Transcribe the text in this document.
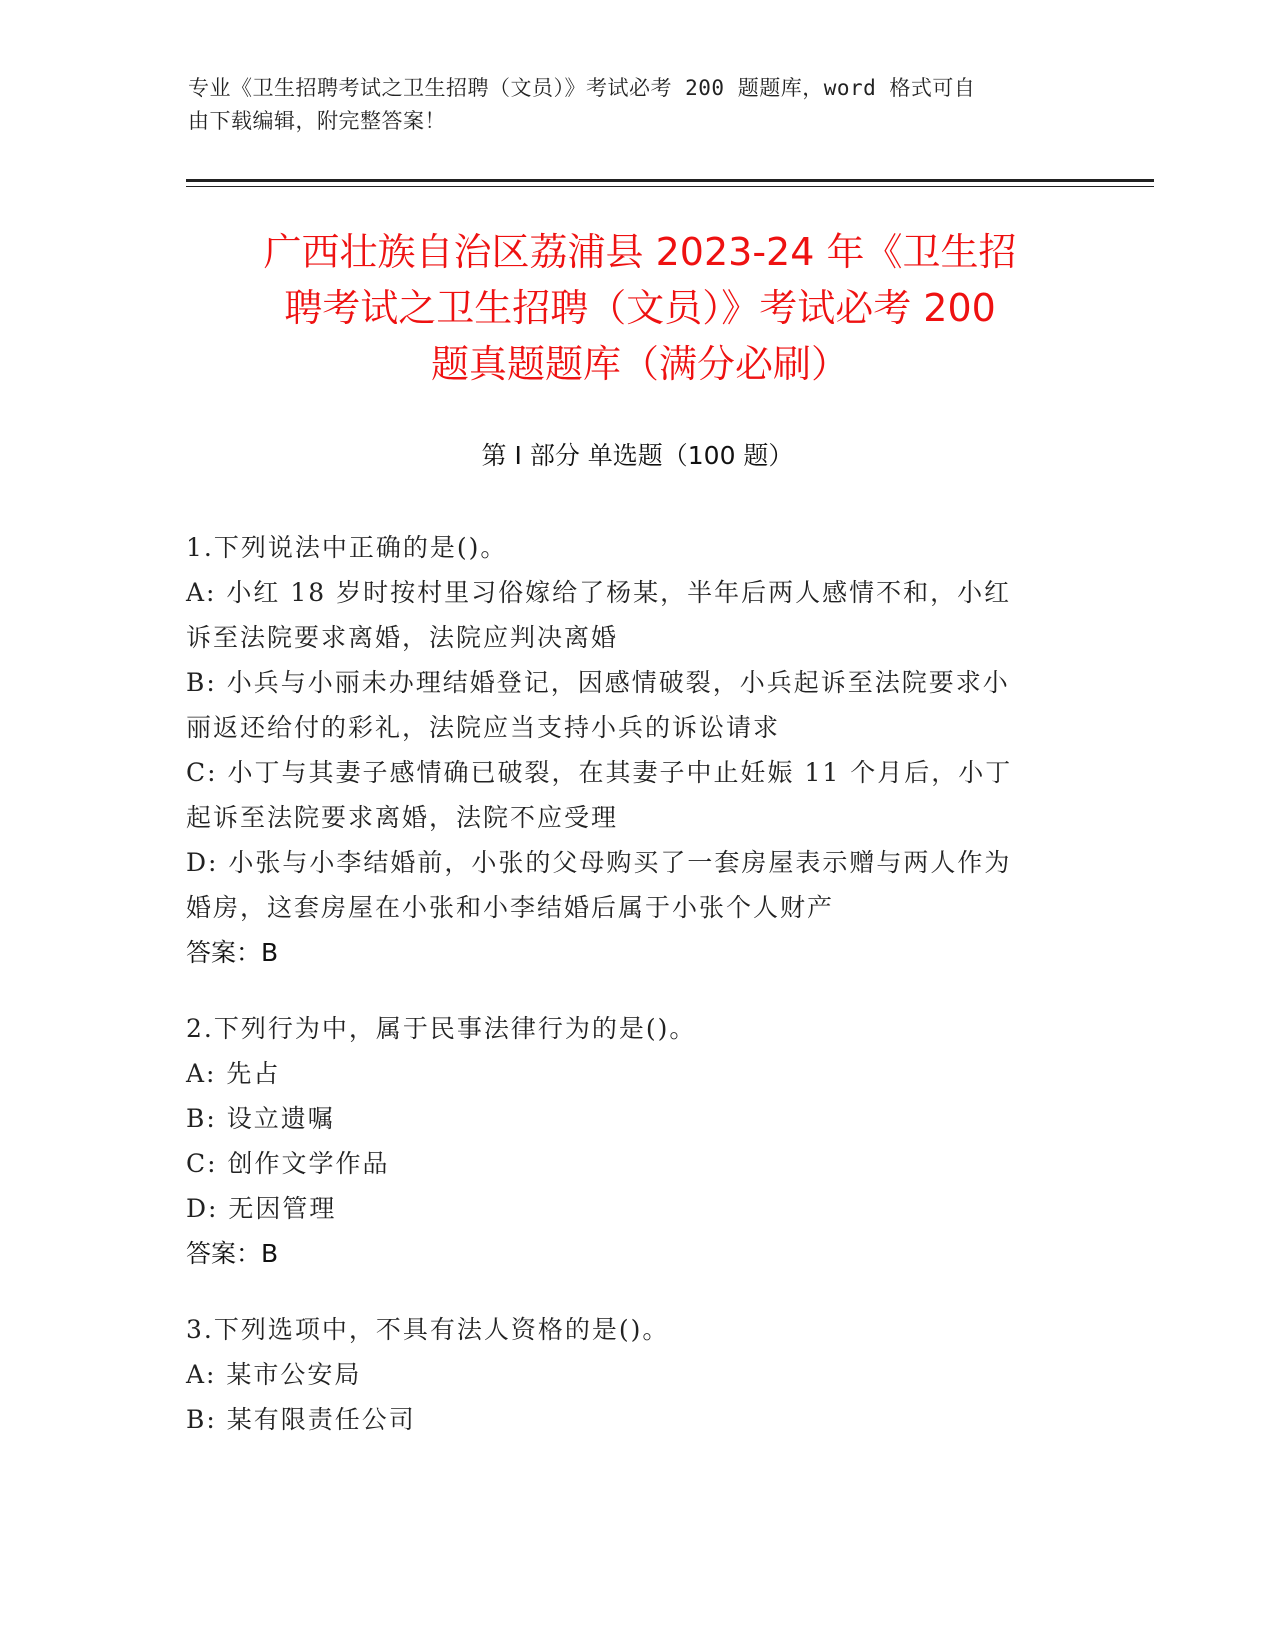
专业《卫生招聘考试之卫生招聘（文员）》考试必考 200 题题库，word 格式可自
由下载编辑，附完整答案！
广西壮族自治区荔浦县 2023-24 年《卫生招
聘考试之卫生招聘（文员）》考试必考 200
题真题题库（满分必刷）
第 I 部分 单选题（100 题）

1.下列说法中正确的是()。

A: 小红 18 岁时按村里习俗嫁给了杨某，半年后两人感情不和，小红
诉至法院要求离婚，法院应判决离婚
B: 小兵与小丽未办理结婚登记，因感情破裂，小兵起诉至法院要求小
丽返还给付的彩礼，法院应当支持小兵的诉讼请求
C: 小丁与其妻子感情确已破裂，在其妻子中止妊娠 11 个月后，小丁
起诉至法院要求离婚，法院不应受理
D: 小张与小李结婚前，小张的父母购买了一套房屋表示赠与两人作为
婚房，这套房屋在小张和小李结婚后属于小张个人财产
答案：B

2.下列行为中，属于民事法律行为的是()。

A: 先占
B: 设立遗嘱
C: 创作文学作品
D: 无因管理
答案：B

3.下列选项中，不具有法人资格的是()。

A: 某市公安局
B: 某有限责任公司
